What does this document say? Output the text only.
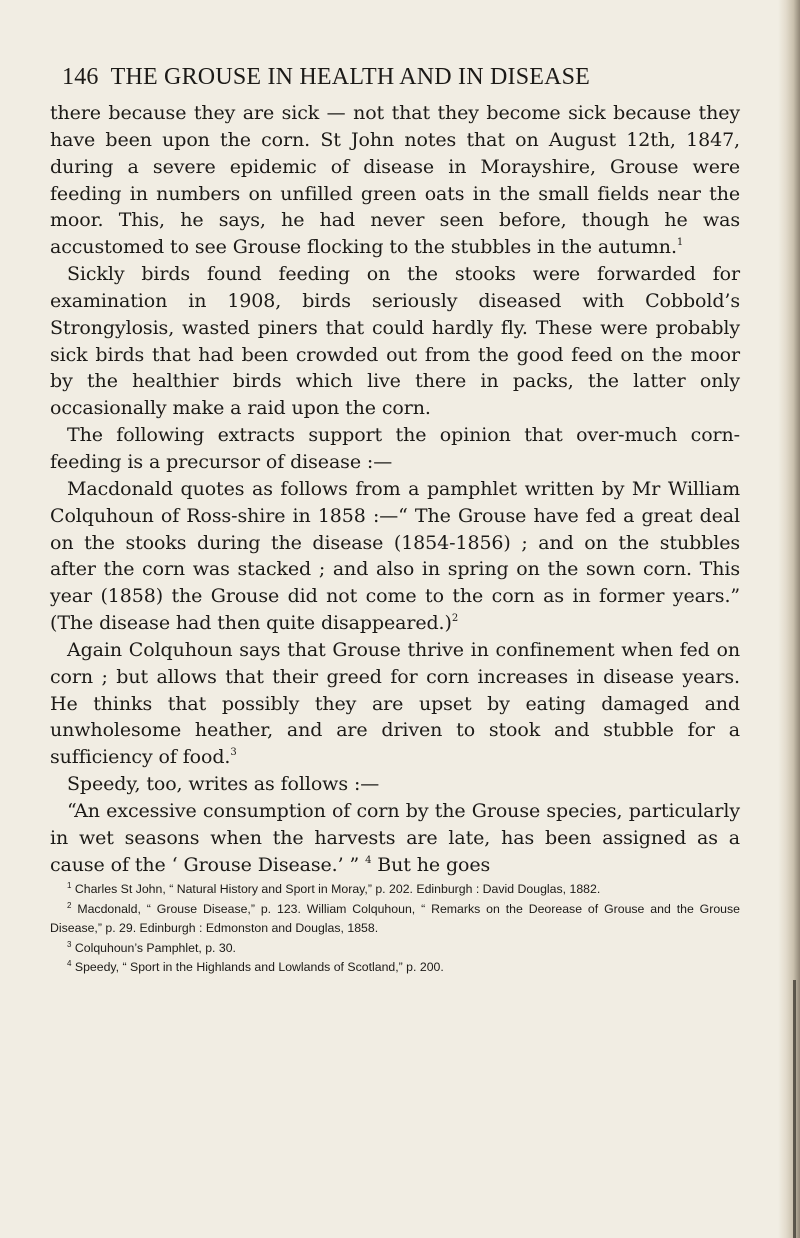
146 THE GROUSE IN HEALTH AND IN DISEASE

there because they are sick — not that they become sick because they have been upon the corn. St John notes that on August 12th, 1847, during a severe epidemic of disease in Morayshire, Grouse were feeding in numbers on unfilled green oats in the small fields near the moor. This, he says, he had never seen before, though he was accustomed to see Grouse flocking to the stubbles in the autumn.$^1$

Sickly birds found feeding on the stooks were forwarded for examination in 1908, birds seriously diseased with Cobbold’s Strongylosis, wasted piners that could hardly fly. These were probably sick birds that had been crowded out from the good feed on the moor by the healthier birds which live there in packs, the latter only occasionally make a raid upon the corn.

The following extracts support the opinion that over-much corn-feeding is a precursor of disease :—

Macdonald quotes as follows from a pamphlet written by Mr William Colquhoun of Ross-shire in 1858 :—“ The Grouse have fed a great deal on the stooks during the disease (1854-1856) ; and on the stubbles after the corn was stacked ; and also in spring on the sown corn. This year (1858) the Grouse did not come to the corn as in former years.” (The disease had then quite disappeared.)$^2$

Again Colquhoun says that Grouse thrive in confinement when fed on corn ; but allows that their greed for corn increases in disease years. He thinks that possibly they are upset by eating damaged and unwholesome heather, and are driven to stook and stubble for a sufficiency of food.$^3$

Speedy, too, writes as follows :—

“An excessive consumption of corn by the Grouse species, particularly in wet seasons when the harvests are late, has been assigned as a cause of the ‘ Grouse Disease.’ ” $^4$ But he goes

$^1$ Charles St John, “ Natural History and Sport in Moray,” p. 202. Edinburgh : David Douglas, 1882.

$^2$ Macdonald, “ Grouse Disease,” p. 123. William Colquhoun, “ Remarks on the Deorease of Grouse and the Grouse Disease,” p. 29. Edinburgh : Edmonston and Douglas, 1858.

$^3$ Colquhoun’s Pamphlet, p. 30.

$^4$ Speedy, “ Sport in the Highlands and Lowlands of Scotland,” p. 200.
